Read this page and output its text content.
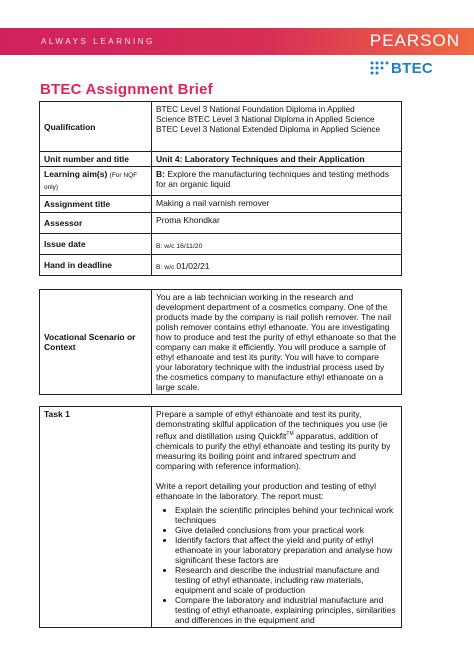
ALWAYS LEARNING	PEARSON
BTEC
BTEC Assignment Brief
Qualification	BTEC Level 3 National Foundation Diploma in Applied
Science BTEC Level 3 National Diploma in Applied Science
BTEC Level 3 National Extended Diploma in Applied Science

Unit number and title	Unit 4: Laboratory Techniques and their Application
Learning aim(s) (For NQF only)	B: Explore the manufacturing techniques and testing methods for an organic liquid
Assignment title	Making a nail varnish remover
Assessor	Proma Khondkar
Issue date	B: w/c 16/11/20
Hand in deadline	B: w/c 01/02/21
Vocational Scenario or Context	You are a lab technician working in the research and development department of a cosmetics company. One of the products made by the company is nail polish remover. The nail polish remover contains ethyl ethanoate. You are investigating how to produce and test the purity of ethyl ethanoate so that the company can make it efficiently. You will produce a sample of ethyl ethanoate and test its purity. You will have to compare your laboratory technique with the industrial process used by the cosmetics company to manufacture ethyl ethanoate on a large scale.
Task 1	Prepare a sample of ethyl ethanoate and test its purity, demonstrating skilful application of the techniques you use (ie reflux and distillation using Quickfit™ apparatus, addition of chemicals to purify the ethyl ethanoate and testing its purity by measuring its boiling point and infrared spectrum and comparing with reference information).

Write a report detailing your production and testing of ethyl ethanoate in the laboratory. The report must:

• Explain the scientific principles behind your technical work techniques
• Give detailed conclusions from your practical work
• Identify factors that affect the yield and purity of ethyl ethanoate in your laboratory preparation and analyse how significant these factors are
• Research and describe the industrial manufacture and testing of ethyl ethanoate, including raw materials, equipment and scale of production
• Compare the laboratory and industrial manufacture and testing of ethyl ethanoate, explaining principles, similarities and differences in the equipment and
